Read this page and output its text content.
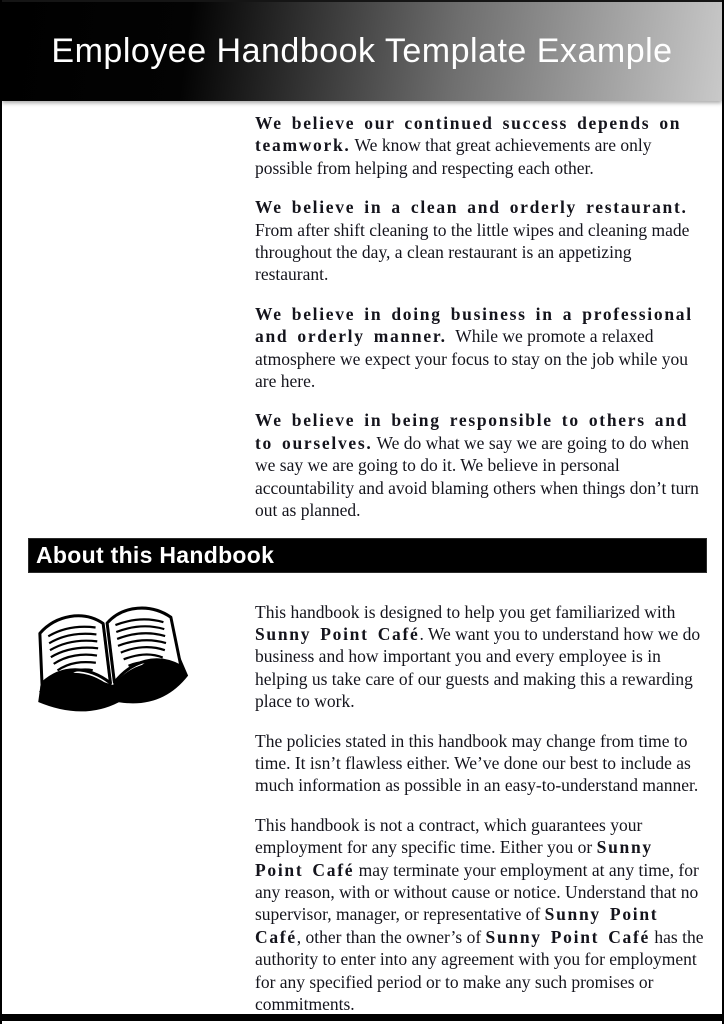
Employee Handbook Template Example

We believe our continued success depends on teamwork. We know that great achievements are only possible from helping and respecting each other.

We believe in a clean and orderly restaurant. From after shift cleaning to the little wipes and cleaning made throughout the day, a clean restaurant is an appetizing restaurant.

We believe in doing business in a professional and orderly manner.  While we promote a relaxed atmosphere we expect your focus to stay on the job while you are here.

We believe in being responsible to others and to ourselves. We do what we say we are going to do when we say we are going to do it. We believe in personal accountability and avoid blaming others when things don’t turn out as planned.

About this Handbook

This handbook is designed to help you get familiarized with Sunny Point Café. We want you to understand how we do business and how important you and every employee is in helping us take care of our guests and making this a rewarding place to work.

The policies stated in this handbook may change from time to time. It isn’t flawless either. We’ve done our best to include as much information as possible in an easy-to-understand manner.

This handbook is not a contract, which guarantees your employment for any specific time. Either you or Sunny Point Café may terminate your employment at any time, for any reason, with or without cause or notice. Understand that no supervisor, manager, or representative of Sunny Point Café, other than the owner’s of Sunny Point Café has the authority to enter into any agreement with you for employment for any specified period or to make any such promises or commitments.
